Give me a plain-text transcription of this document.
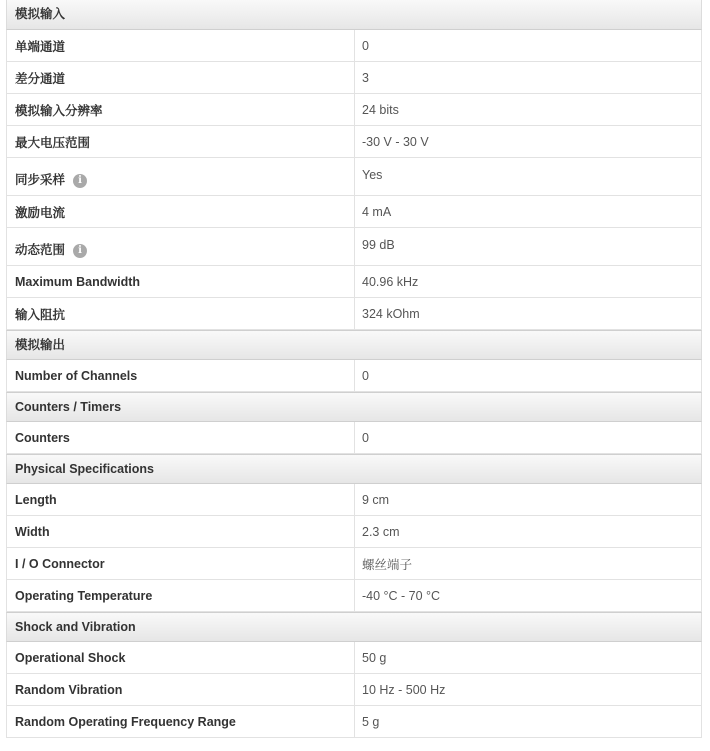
模拟输入
单端通道	0
差分通道	3
模拟输入分辨率	24 bits
最大电压范围	-30 V - 30 V
同步采样	i	Yes
激励电流	4 mA
动态范围	i	99 dB
Maximum Bandwidth	40.96 kHz
输入阻抗	324 kOhm
模拟输出
Number of Channels	0
Counters / Timers
Counters	0
Physical Specifications
Length	9 cm
Width	2.3 cm
I / O Connector	螺丝端子
Operating Temperature	-40 °C - 70 °C
Shock and Vibration
Operational Shock	50 g
Random Vibration	10 Hz - 500 Hz
Random Operating Frequency Range	5 g
